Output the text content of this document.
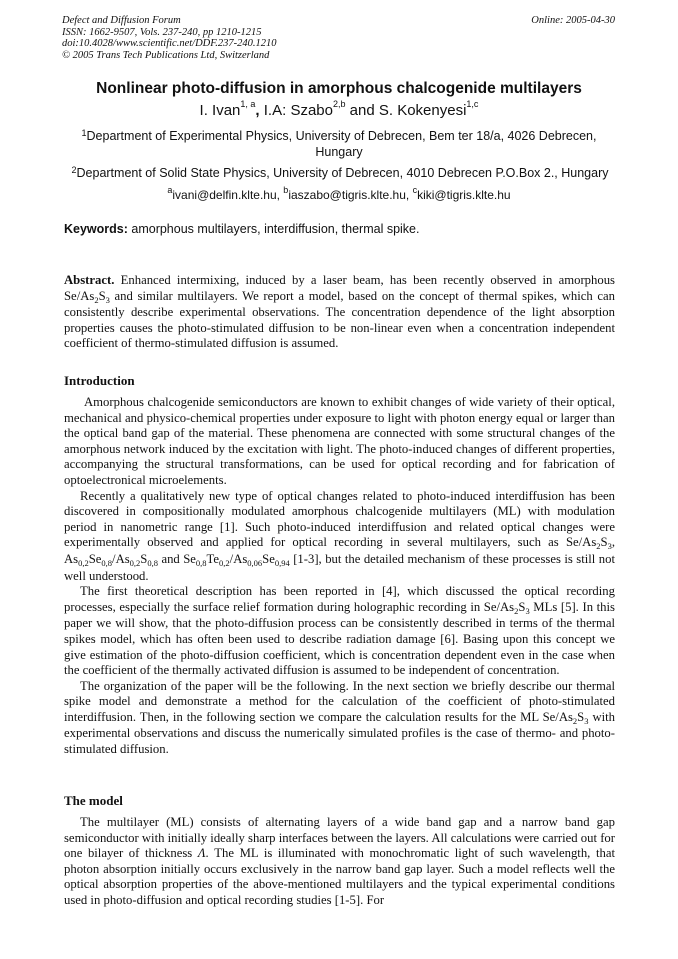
Defect and Diffusion Forum
ISSN: 1662-9507, Vols. 237-240, pp 1210-1215
doi:10.4028/www.scientific.net/DDF.237-240.1210
© 2005 Trans Tech Publications Ltd, Switzerland
Online: 2005-04-30
Nonlinear photo-diffusion in amorphous chalcogenide multilayers
I. Ivan$^{1, a}$, I.A: Szabo$^{2,b}$ and S. Kokenyesi$^{1,c}$
$^1$Department of Experimental Physics, University of Debrecen, Bem ter 18/a, 4026 Debrecen, Hungary
$^2$Department of Solid State Physics, University of Debrecen, 4010 Debrecen P.O.Box 2., Hungary
$^a$ivani@delfin.klte.hu, $^b$iaszabo@tigris.klte.hu, $^c$kiki@tigris.klte.hu
Keywords: amorphous multilayers, interdiffusion, thermal spike.

Abstract. Enhanced intermixing, induced by a laser beam, has been recently observed in amorphous $Se/As_2S_3$ and similar multilayers. We report a model, based on the concept of thermal spikes, which can consistently describe experimental observations. The concentration dependence of the light absorption properties causes the photo-stimulated diffusion to be non-linear even when a concentration independent coefficient of thermo-stimulated diffusion is assumed.

Introduction

Amorphous chalcogenide semiconductors are known to exhibit changes of wide variety of their optical, mechanical and physico-chemical properties under exposure to light with photon energy equal or larger than the optical band gap of the material. These phenomena are connected with some structural changes of the amorphous network induced by the excitation with light. The photo-induced changes of different properties, accompanying the structural transformations, can be used for optical recording and for fabrication of optoelectronical microelements.

Recently a qualitatively new type of optical changes related to photo-induced interdiffusion has been discovered in compositionally modulated amorphous chalcogenide multilayers (ML) with modulation period in nanometric range [1]. Such photo-induced interdiffusion and related optical changes were experimentally observed and applied for optical recording in several multilayers, such as $Se/As_2S_3$, $As_{0,2}Se_{0,8}/As_{0,2}S_{0,8}$ and $Se_{0,8}Te_{0,2}/As_{0,06}Se_{0,94}$ [1-3], but the detailed mechanism of these processes is still not well understood.

The first theoretical description has been reported in [4], which discussed the optical recording processes, especially the surface relief formation during holographic recording in $Se/As_2S_3$ MLs [5]. In this paper we will show, that the photo-diffusion process can be consistently described in terms of the thermal spikes model, which has often been used to describe radiation damage [6]. Basing upon this concept we give estimation of the photo-diffusion coefficient, which is concentration dependent even in the case when the coefficient of the thermally activated diffusion is assumed to be independent of concentration.

The organization of the paper will be the following. In the next section we briefly describe our thermal spike model and demonstrate a method for the calculation of the coefficient of photo-stimulated interdiffusion. Then, in the following section we compare the calculation results for the ML $Se/As_2S_3$ with experimental observations and discuss the numerically simulated profiles is the case of thermo- and photo-stimulated diffusion.

The model

The multilayer (ML) consists of alternating layers of a wide band gap and a narrow band gap semiconductor with initially ideally sharp interfaces between the layers. All calculations were carried out for one bilayer of thickness Λ. The ML is illuminated with monochromatic light of such wavelength, that photon absorption initially occurs exclusively in the narrow band gap layer. Such a model reflects well the optical absorption properties of the above-mentioned multilayers and the typical experimental conditions used in photo-diffusion and optical recording studies [1-5]. For
